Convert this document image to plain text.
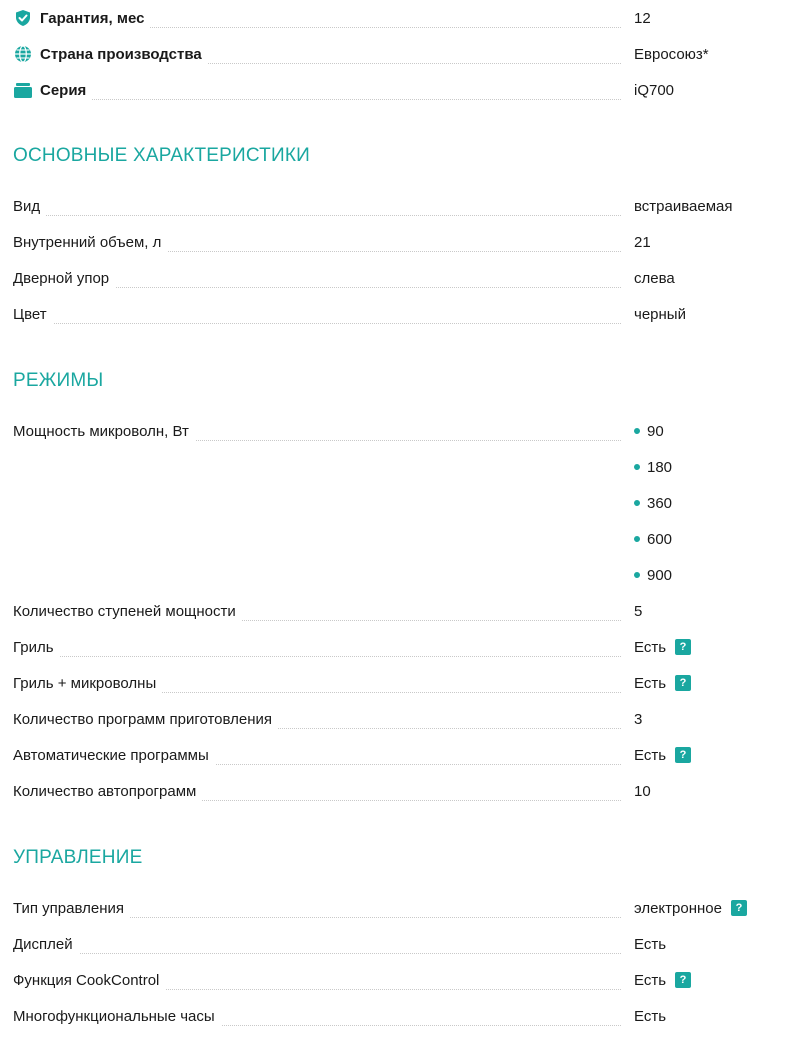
Гарантия, мес	12
Страна производства	Евросоюз*
Серия	iQ700
ОСНОВНЫЕ ХАРАКТЕРИСТИКИ
Вид	встраиваемая
Внутренний объем, л	21
Дверной упор	слева
Цвет	черный
РЕЖИМЫ
Мощность микроволн, Вт	90
180
360
600
900
Количество ступеней мощности	5
Гриль	Есть	?
Гриль + микроволны	Есть	?
Количество программ приготовления	3
Автоматические программы	Есть	?
Количество автопрограмм	10
УПРАВЛЕНИЕ
Тип управления	электронное	?
Дисплей	Есть
Функция CookControl	Есть	?
Многофункциональные часы	Есть
